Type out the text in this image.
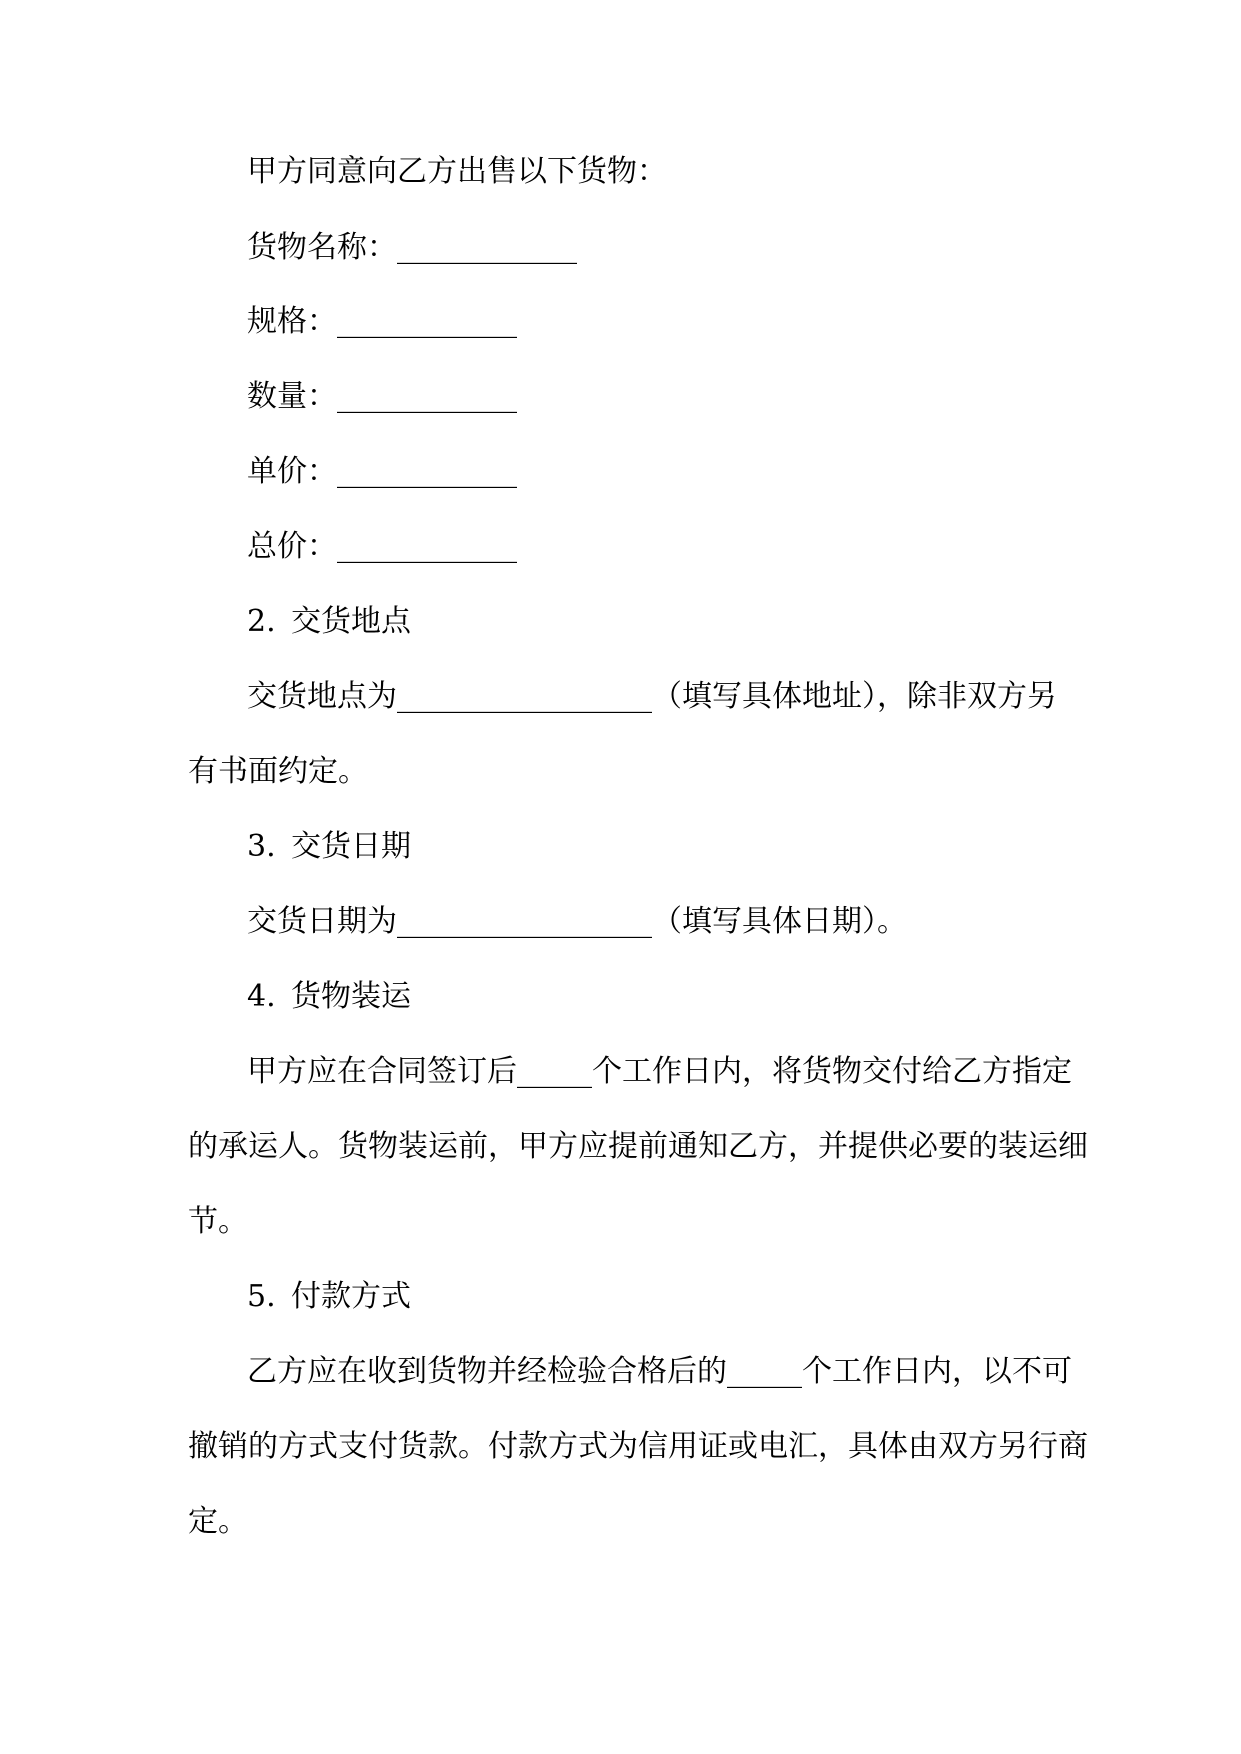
甲方同意向乙方出售以下货物：
货物名称：____________
规格：____________
数量：____________
单价：____________
总价：____________
2. 交货地点
交货地点为_________________（填写具体地址），除非双方另
有书面约定。
3. 交货日期
交货日期为_________________（填写具体日期）。
4. 货物装运
甲方应在合同签订后_____个工作日内，将货物交付给乙方指定
的承运人。货物装运前，甲方应提前通知乙方，并提供必要的装运细
节。
5. 付款方式
乙方应在收到货物并经检验合格后的_____个工作日内，以不可
撤销的方式支付货款。付款方式为信用证或电汇，具体由双方另行商
定。
